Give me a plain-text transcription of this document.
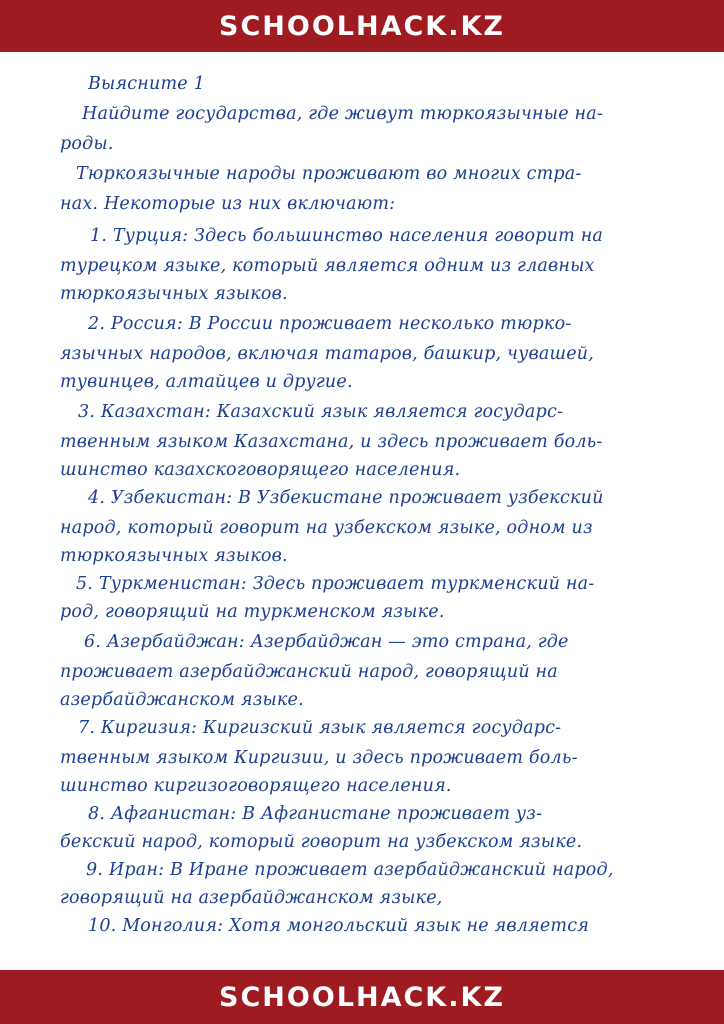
SCHOOLHACK.KZ
Выясните 1
Найдите государства, где живут тюркоязычные на-
роды.
Тюркоязычные народы проживают во многих стра-
нах. Некоторые из них включают:
1. Турция: Здесь большинство населения говорит на
турецком языке, который является одним из главных
тюркоязычных языков.
2. Россия: В России проживает несколько тюрко-
язычных народов, включая татаров, башкир, чувашей,
тувинцев, алтайцев и другие.
3. Казахстан: Казахский язык является государс-
твенным языком Казахстана, и здесь проживает боль-
шинство казахскоговорящего населения.
4. Узбекистан: В Узбекистане проживает узбекский
народ, который говорит на узбекском языке, одном из
тюркоязычных языков.
5. Туркменистан: Здесь проживает туркменский на-
род, говорящий на туркменском языке.
6. Азербайджан: Азербайджан — это страна, где
проживает азербайджанский народ, говорящий на
азербайджанском языке.
7. Киргизия: Киргизский язык является государс-
твенным языком Киргизии, и здесь проживает боль-
шинство киргизоговорящего населения.
8. Афганистан: В Афганистане проживает уз-
бекский народ, который говорит на узбекском языке.
9. Иран: В Иране проживает азербайджанский народ,
говорящий на азербайджанском языке,
10. Монголия: Хотя монгольский язык не является
SCHOOLHACK.KZ
